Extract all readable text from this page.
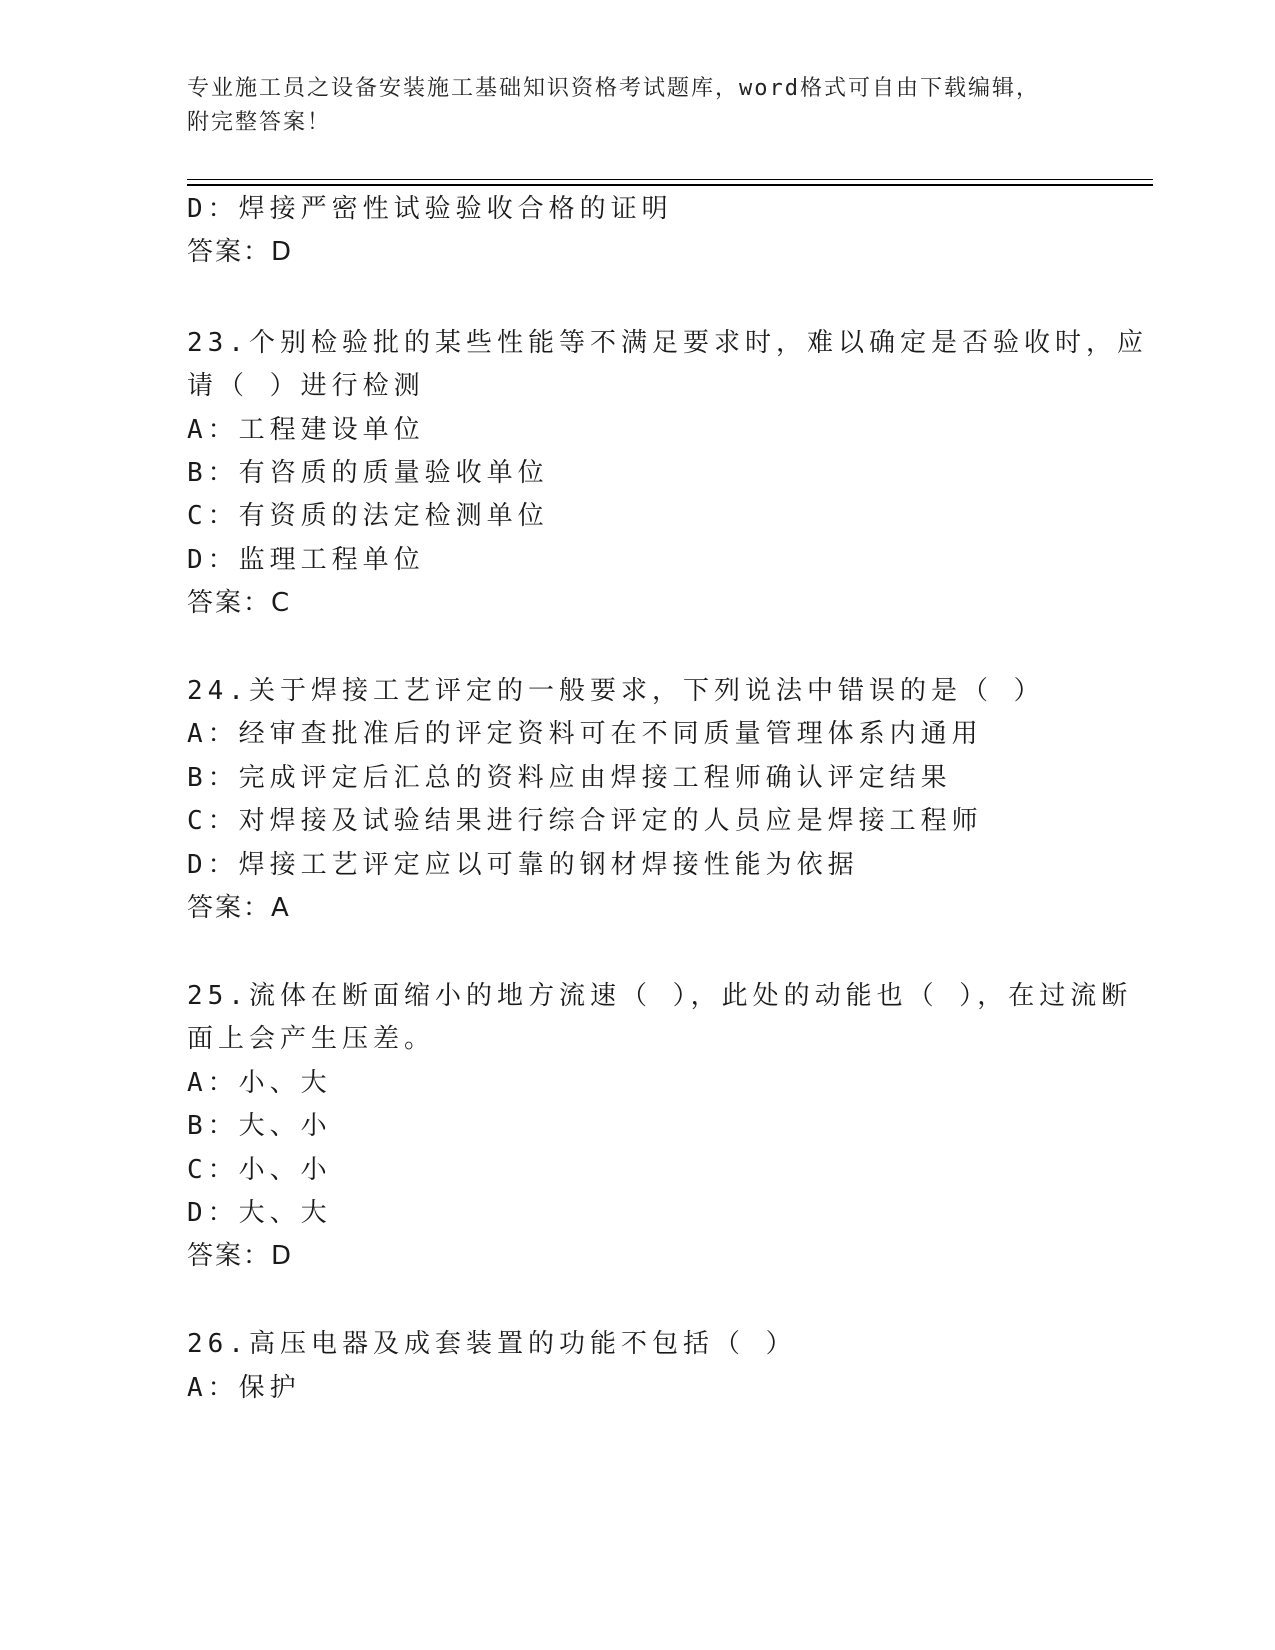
专业施工员之设备安装施工基础知识资格考试题库，word格式可自由下载编辑，
附完整答案！
D：焊接严密性试验验收合格的证明
答案：D
23.个别检验批的某些性能等不满足要求时，难以确定是否验收时，应
请（ ）进行检测
A：工程建设单位
B：有咨质的质量验收单位
C：有资质的法定检测单位
D：监理工程单位
答案：C
24.关于焊接工艺评定的一般要求，下列说法中错误的是（ ）
A：经审查批准后的评定资料可在不同质量管理体系内通用
B：完成评定后汇总的资料应由焊接工程师确认评定结果
C：对焊接及试验结果进行综合评定的人员应是焊接工程师
D：焊接工艺评定应以可靠的钢材焊接性能为依据
答案：A
25.流体在断面缩小的地方流速（ ），此处的动能也（ ），在过流断
面上会产生压差。
A：小、大
B：大、小
C：小、小
D：大、大
答案：D
26.高压电器及成套装置的功能不包括（ ）
A：保护
